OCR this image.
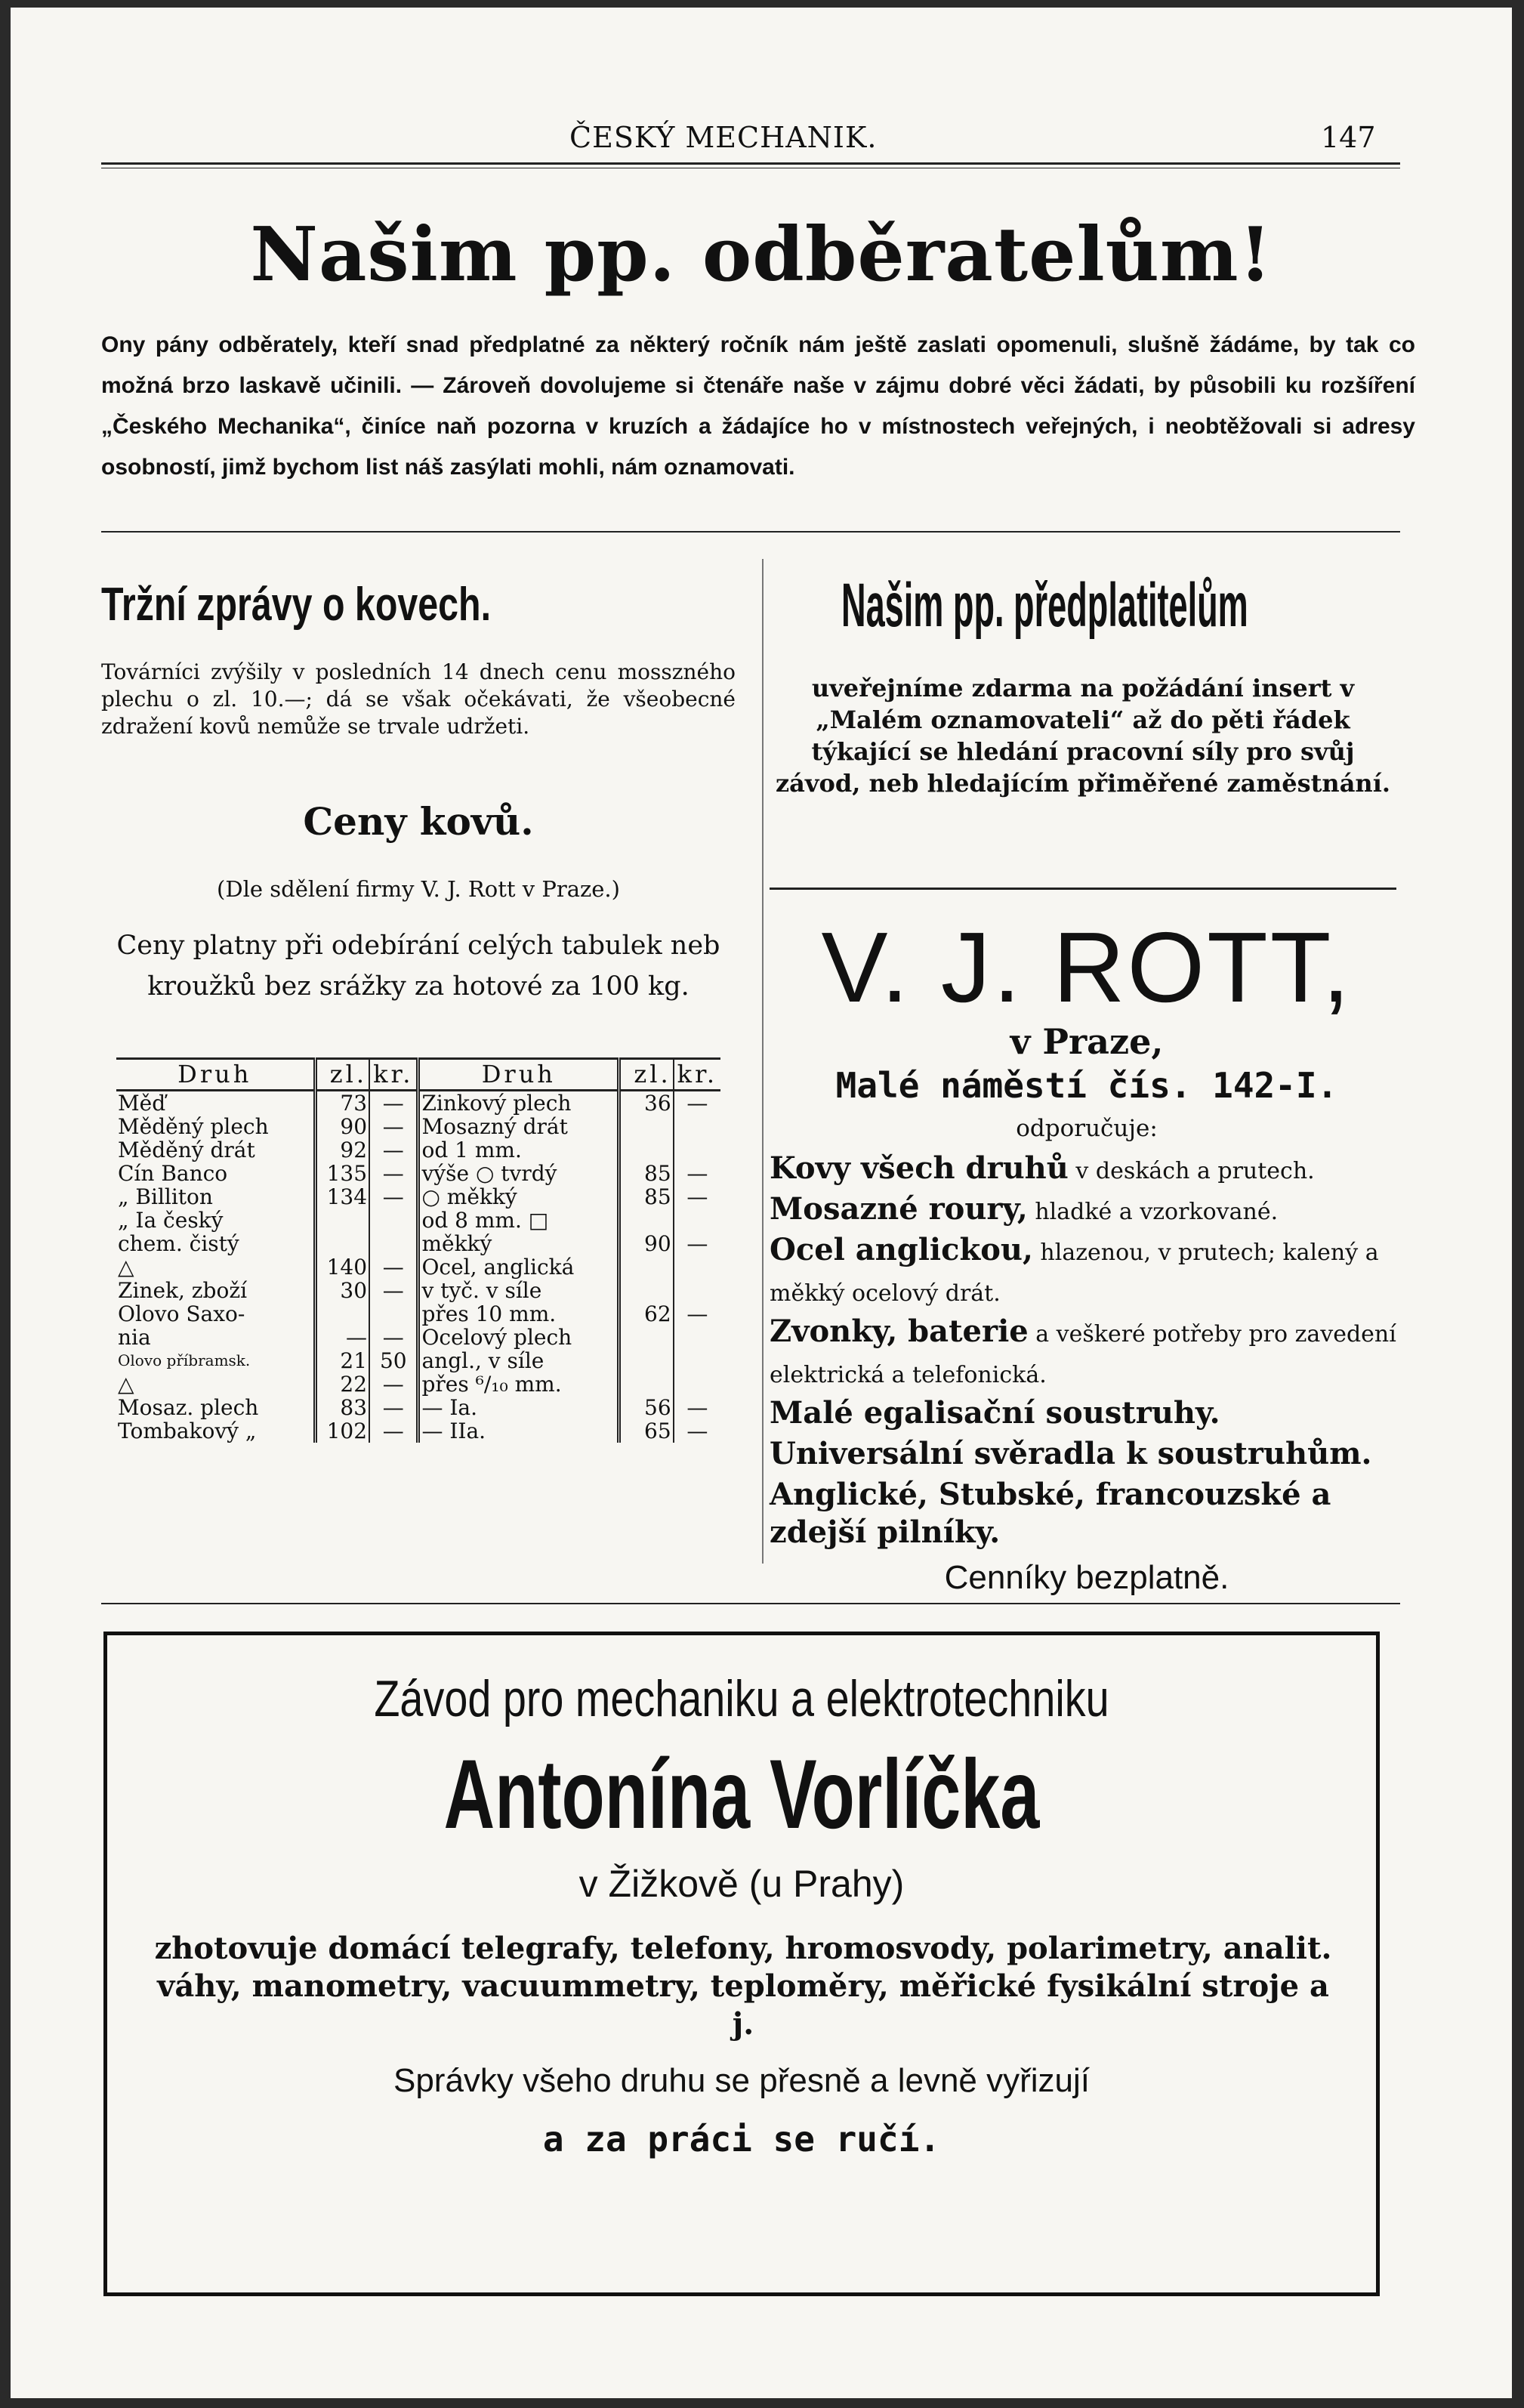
ČESKÝ MECHANIK.	147
Našim pp. odběratelům!
Ony pány odběrately, kteří snad předplatné za některý ročník nám ještě zaslati opomenuli, slušně žádáme, by tak co možná brzo laskavě učinili. — Zároveň dovolujeme si čtenáře naše v zájmu dobré věci žádati, by působili ku rozšíření „Českého Mechanika“, činíce naň pozorna v kruzích a žádajíce ho v místnostech veřejných, i neobtěžovali si adresy osobností, jimž bychom list náš zasýlati mohli, nám oznamovati.
Tržní zprávy o kovech.
Továrníci zvýšily v posledních 14 dnech cenu mosszného plechu o zl. 10.—; dá se však očekávati, že všeobecné zdražení kovů nemůže se trvale udržeti.
Ceny kovů.
(Dle sdělení firmy V. J. Rott v Praze.)
Ceny platny při odebírání celých tabulek neb kroužků bez srážky za hotové za 100 kg.
Druh	zl.	kr.	Druh	zl.	kr.
Měď	73	—	Zinkový plech	36	—
Měděný plech	90	—	Mosazný drát		
Měděný drát	92	—	od 1 mm.		
Cín Banco	135	—	výše ○ tvrdý	85	—
„ Billiton	134	—	○ měkký	85	—
„ Ia český			od 8 mm. □		
chem. čistý			měkký	90	—
△	140	—	Ocel, anglická		
Zinek, zboží	30	—	v tyč. v síle		
Olovo Saxo-			přes 10 mm.	62	—
nia	—	—	Ocelový plech		
Olovo příbramsk.	21	50	angl., v síle		
△	22	—	přes ⁶/₁₀ mm.		
Mosaz. plech	83	—	— Ia.	56	—
Tombakový „	102	—	— IIa.	65	—
Našim pp. předplatitelům
uveřejníme zdarma na požádání insert v „Malém oznamovateli“ až do pěti řádek týkající se hledání pracovní síly pro svůj závod, neb hledajícím přiměřené zaměstnání.
V. J. ROTT,
v Praze,
Malé náměstí čís. 142-I.
odporučuje:
Kovy všech druhů v deskách a prutech.
Mosazné roury, hladké a vzorkované.
Ocel anglickou, hlazenou, v prutech; kalený a měkký ocelový drát.
Zvonky, baterie a veškeré potřeby pro zavedení elektrická a telefonická.
Malé egalisační soustruhy.
Universální svěradla k soustruhům.
Anglické, Stubské, francouzské a zdejší pilníky.
Cenníky bezplatně.
Závod pro mechaniku a elektrotechniku
Antonína Vorlíčka
v Žižkově (u Prahy)
zhotovuje domácí telegrafy, telefony, hromosvody, polarimetry, analit. váhy, manometry, vacuummetry, teploměry, měřické fysikální stroje a j.
Správky všeho druhu se přesně a levně vyřizují
a za práci se ručí.
